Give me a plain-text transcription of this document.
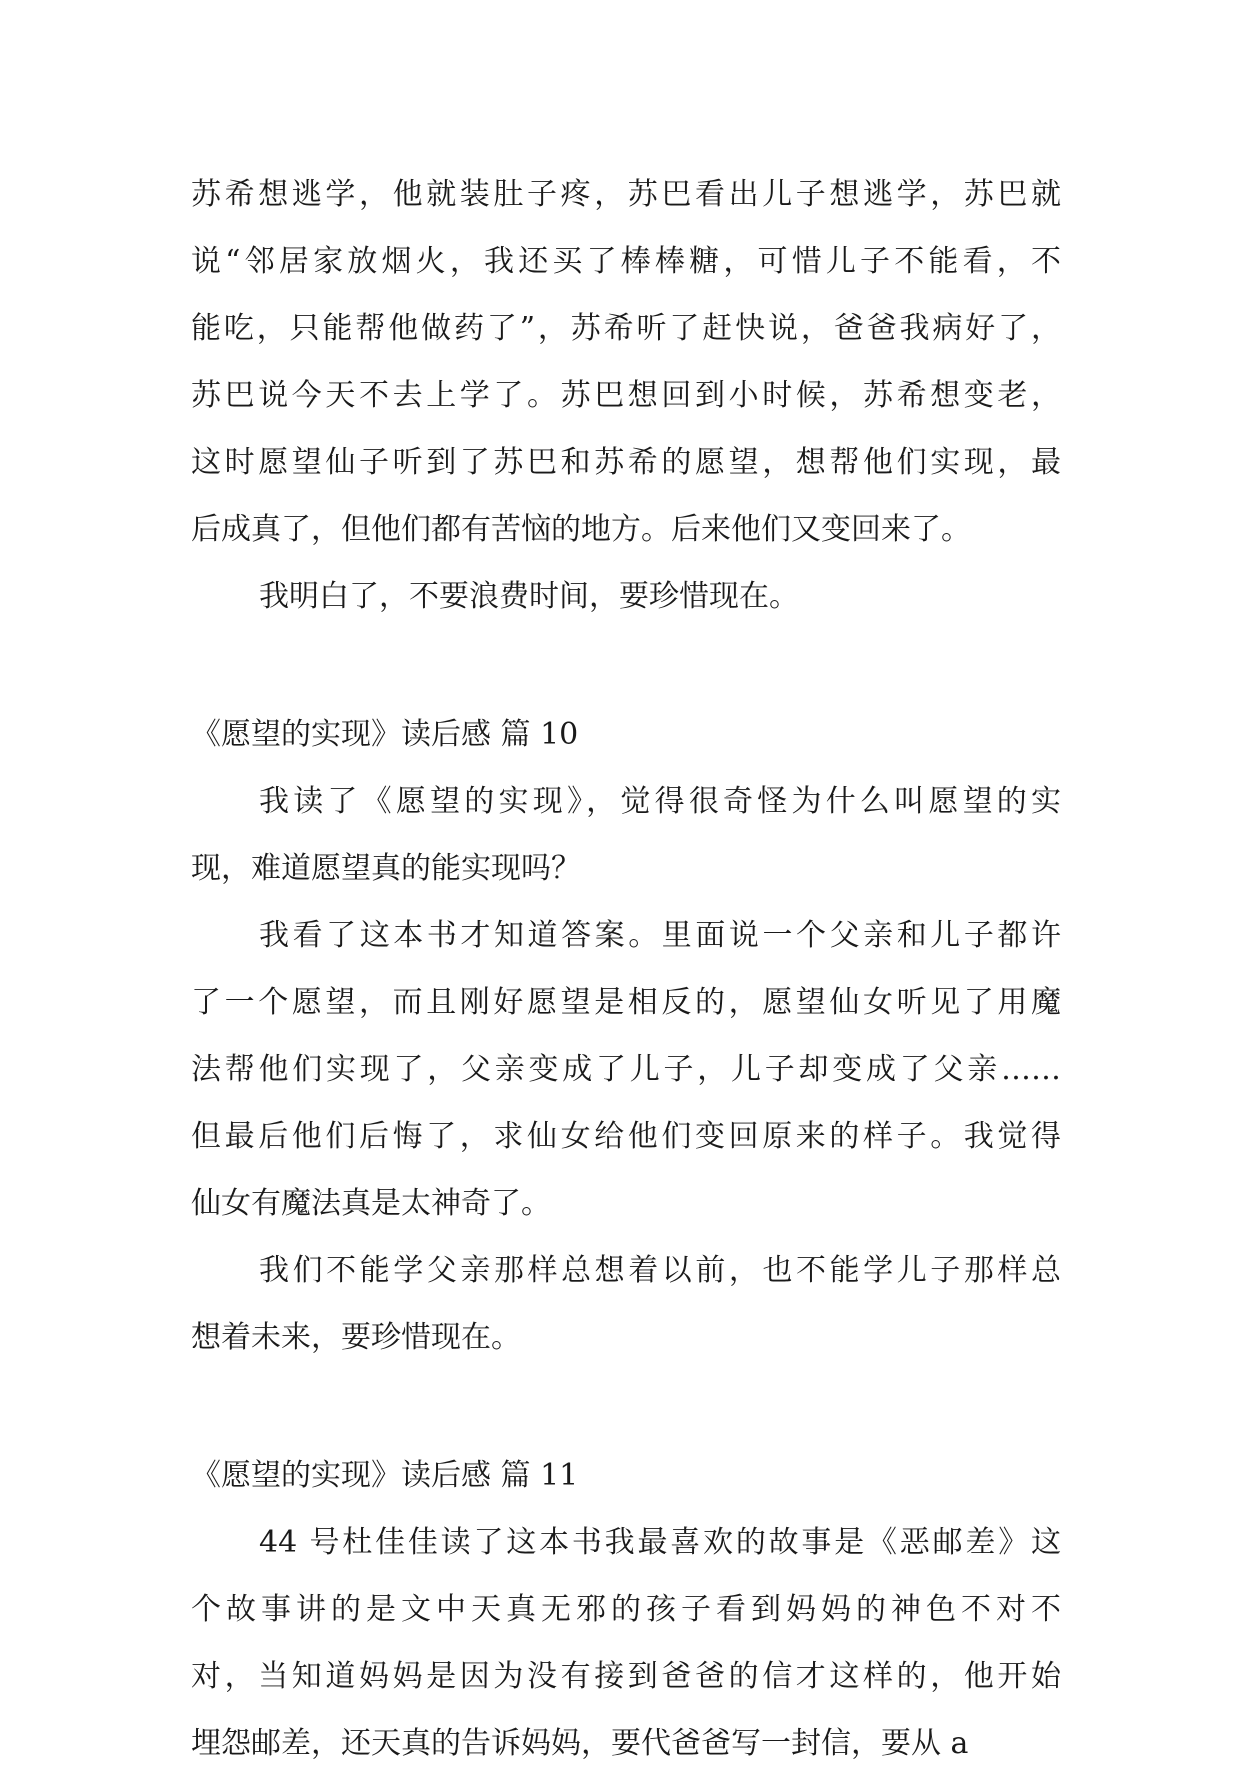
苏希想逃学，他就装肚子疼，苏巴看出儿子想逃学，苏巴就
说“邻居家放烟火，我还买了棒棒糖，可惜儿子不能看，不
能吃，只能帮他做药了”，苏希听了赶快说，爸爸我病好了，
苏巴说今天不去上学了。苏巴想回到小时候，苏希想变老，
这时愿望仙子听到了苏巴和苏希的愿望，想帮他们实现，最
后成真了，但他们都有苦恼的地方。后来他们又变回来了。
我明白了，不要浪费时间，要珍惜现在。
《愿望的实现》读后感 篇 10
我读了《愿望的实现》，觉得很奇怪为什么叫愿望的实
现，难道愿望真的能实现吗？
我看了这本书才知道答案。里面说一个父亲和儿子都许
了一个愿望，而且刚好愿望是相反的，愿望仙女听见了用魔
法帮他们实现了，父亲变成了儿子，儿子却变成了父亲……
但最后他们后悔了，求仙女给他们变回原来的样子。我觉得
仙女有魔法真是太神奇了。
我们不能学父亲那样总想着以前，也不能学儿子那样总
想着未来，要珍惜现在。
《愿望的实现》读后感 篇 11
44 号杜佳佳读了这本书我最喜欢的故事是《恶邮差》这
个故事讲的是文中天真无邪的孩子看到妈妈的神色不对不
对，当知道妈妈是因为没有接到爸爸的信才这样的，他开始
埋怨邮差，还天真的告诉妈妈，要代爸爸写一封信，要从 a
